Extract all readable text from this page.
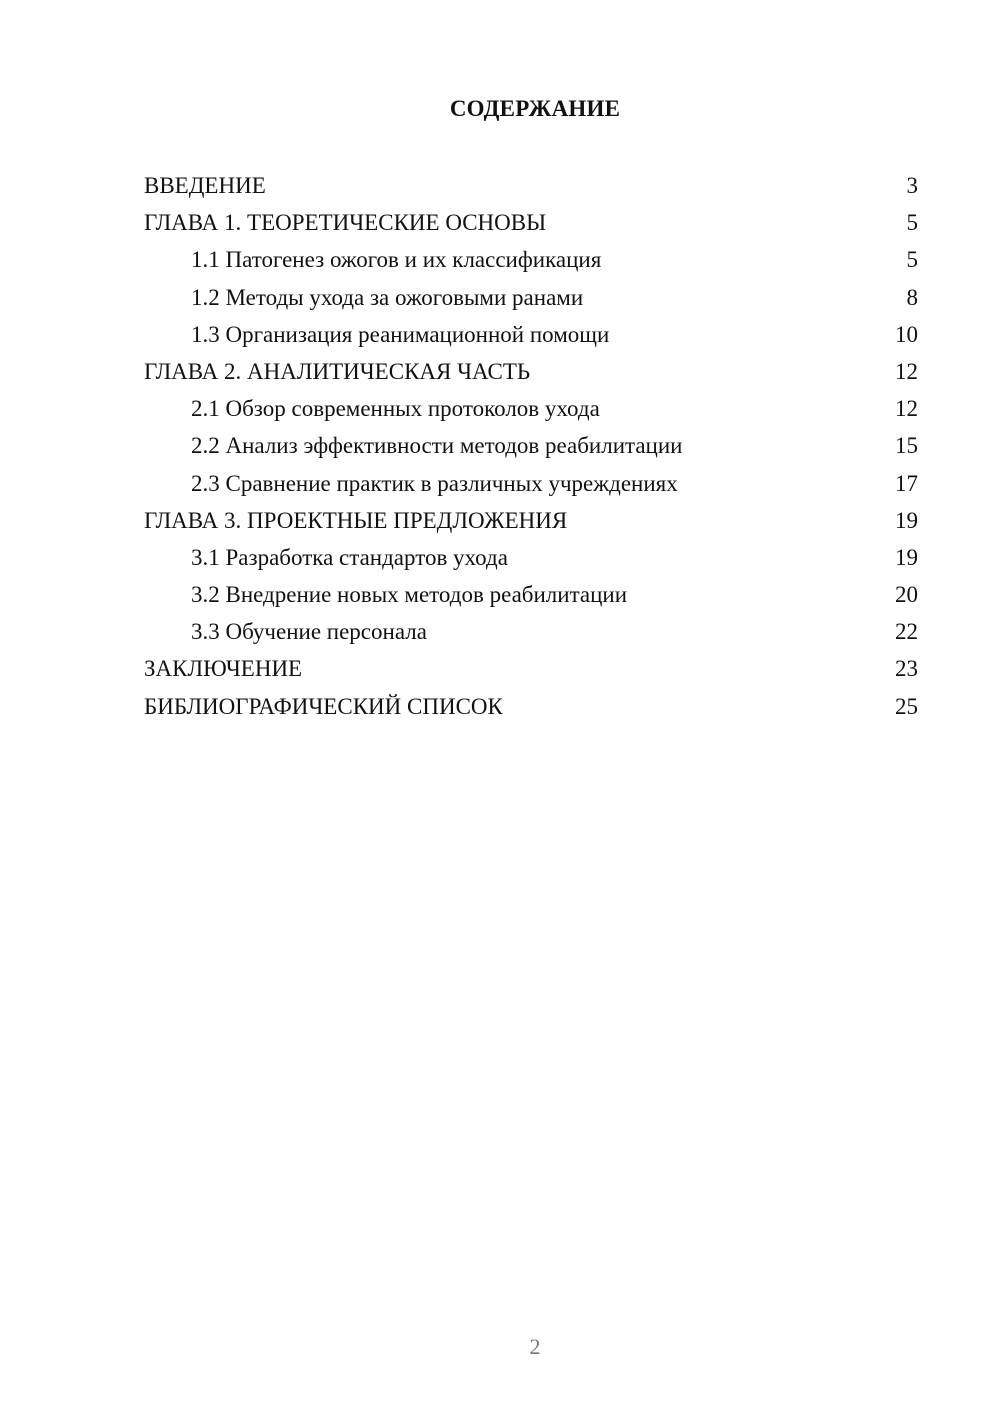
СОДЕРЖАНИЕ
ВВЕДЕНИЕ	3
ГЛАВА 1. ТЕОРЕТИЧЕСКИЕ ОСНОВЫ	5
1.1 Патогенез ожогов и их классификация	5
1.2 Методы ухода за ожоговыми ранами	8
1.3 Организация реанимационной помощи	10
ГЛАВА 2. АНАЛИТИЧЕСКАЯ ЧАСТЬ	12
2.1 Обзор современных протоколов ухода	12
2.2 Анализ эффективности методов реабилитации	15
2.3 Сравнение практик в различных учреждениях	17
ГЛАВА 3. ПРОЕКТНЫЕ ПРЕДЛОЖЕНИЯ	19
3.1 Разработка стандартов ухода	19
3.2 Внедрение новых методов реабилитации	20
3.3 Обучение персонала	22
ЗАКЛЮЧЕНИЕ	23
БИБЛИОГРАФИЧЕСКИЙ СПИСОК	25
2
